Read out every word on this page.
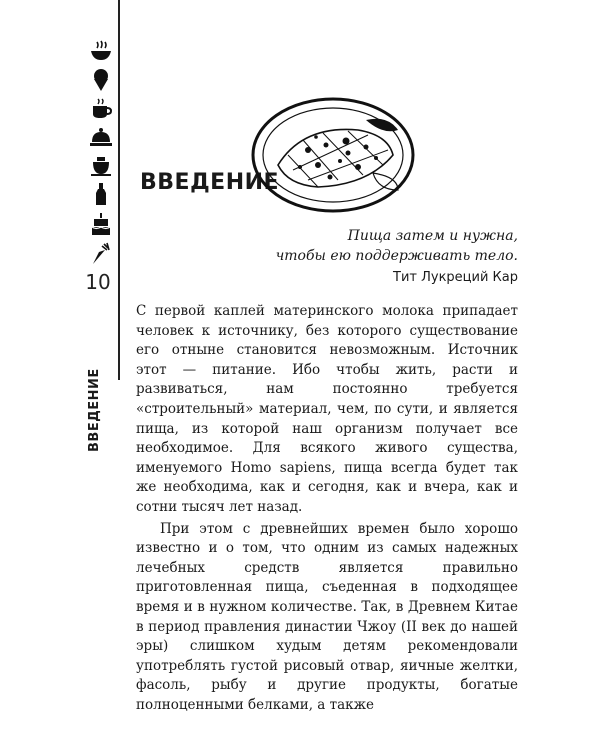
10
ВВЕДЕНИЕ
ВВЕДЕНИЕ
Пища затем и нужна,
чтобы ею поддерживать тело.
Тит Лукреций Кар

С первой каплей материнского молока припадает человек к источнику, без которого существование его отныне становится невозможным. Источник этот — питание. Ибо чтобы жить, расти и развиваться, нам постоянно требуется «строительный» материал, чем, по сути, и является пища, из которой наш организм получает все необходимое. Для всякого живого существа, именуемого Homo sapiens, пища всегда будет так же необходима, как и сегодня, как и вчера, как и сотни тысяч лет назад.

При этом с древнейших времен было хорошо известно и о том, что одним из самых надежных лечебных средств является правильно приготовленная пища, съеденная в подходящее время и в нужном количестве. Так, в Древнем Китае в период правления династии Чжоу (II век до нашей эры) слишком худым детям рекомендовали употреблять густой рисовый отвар, яичные желтки, фасоль, рыбу и другие продукты, богатые полноценными белками, а также
